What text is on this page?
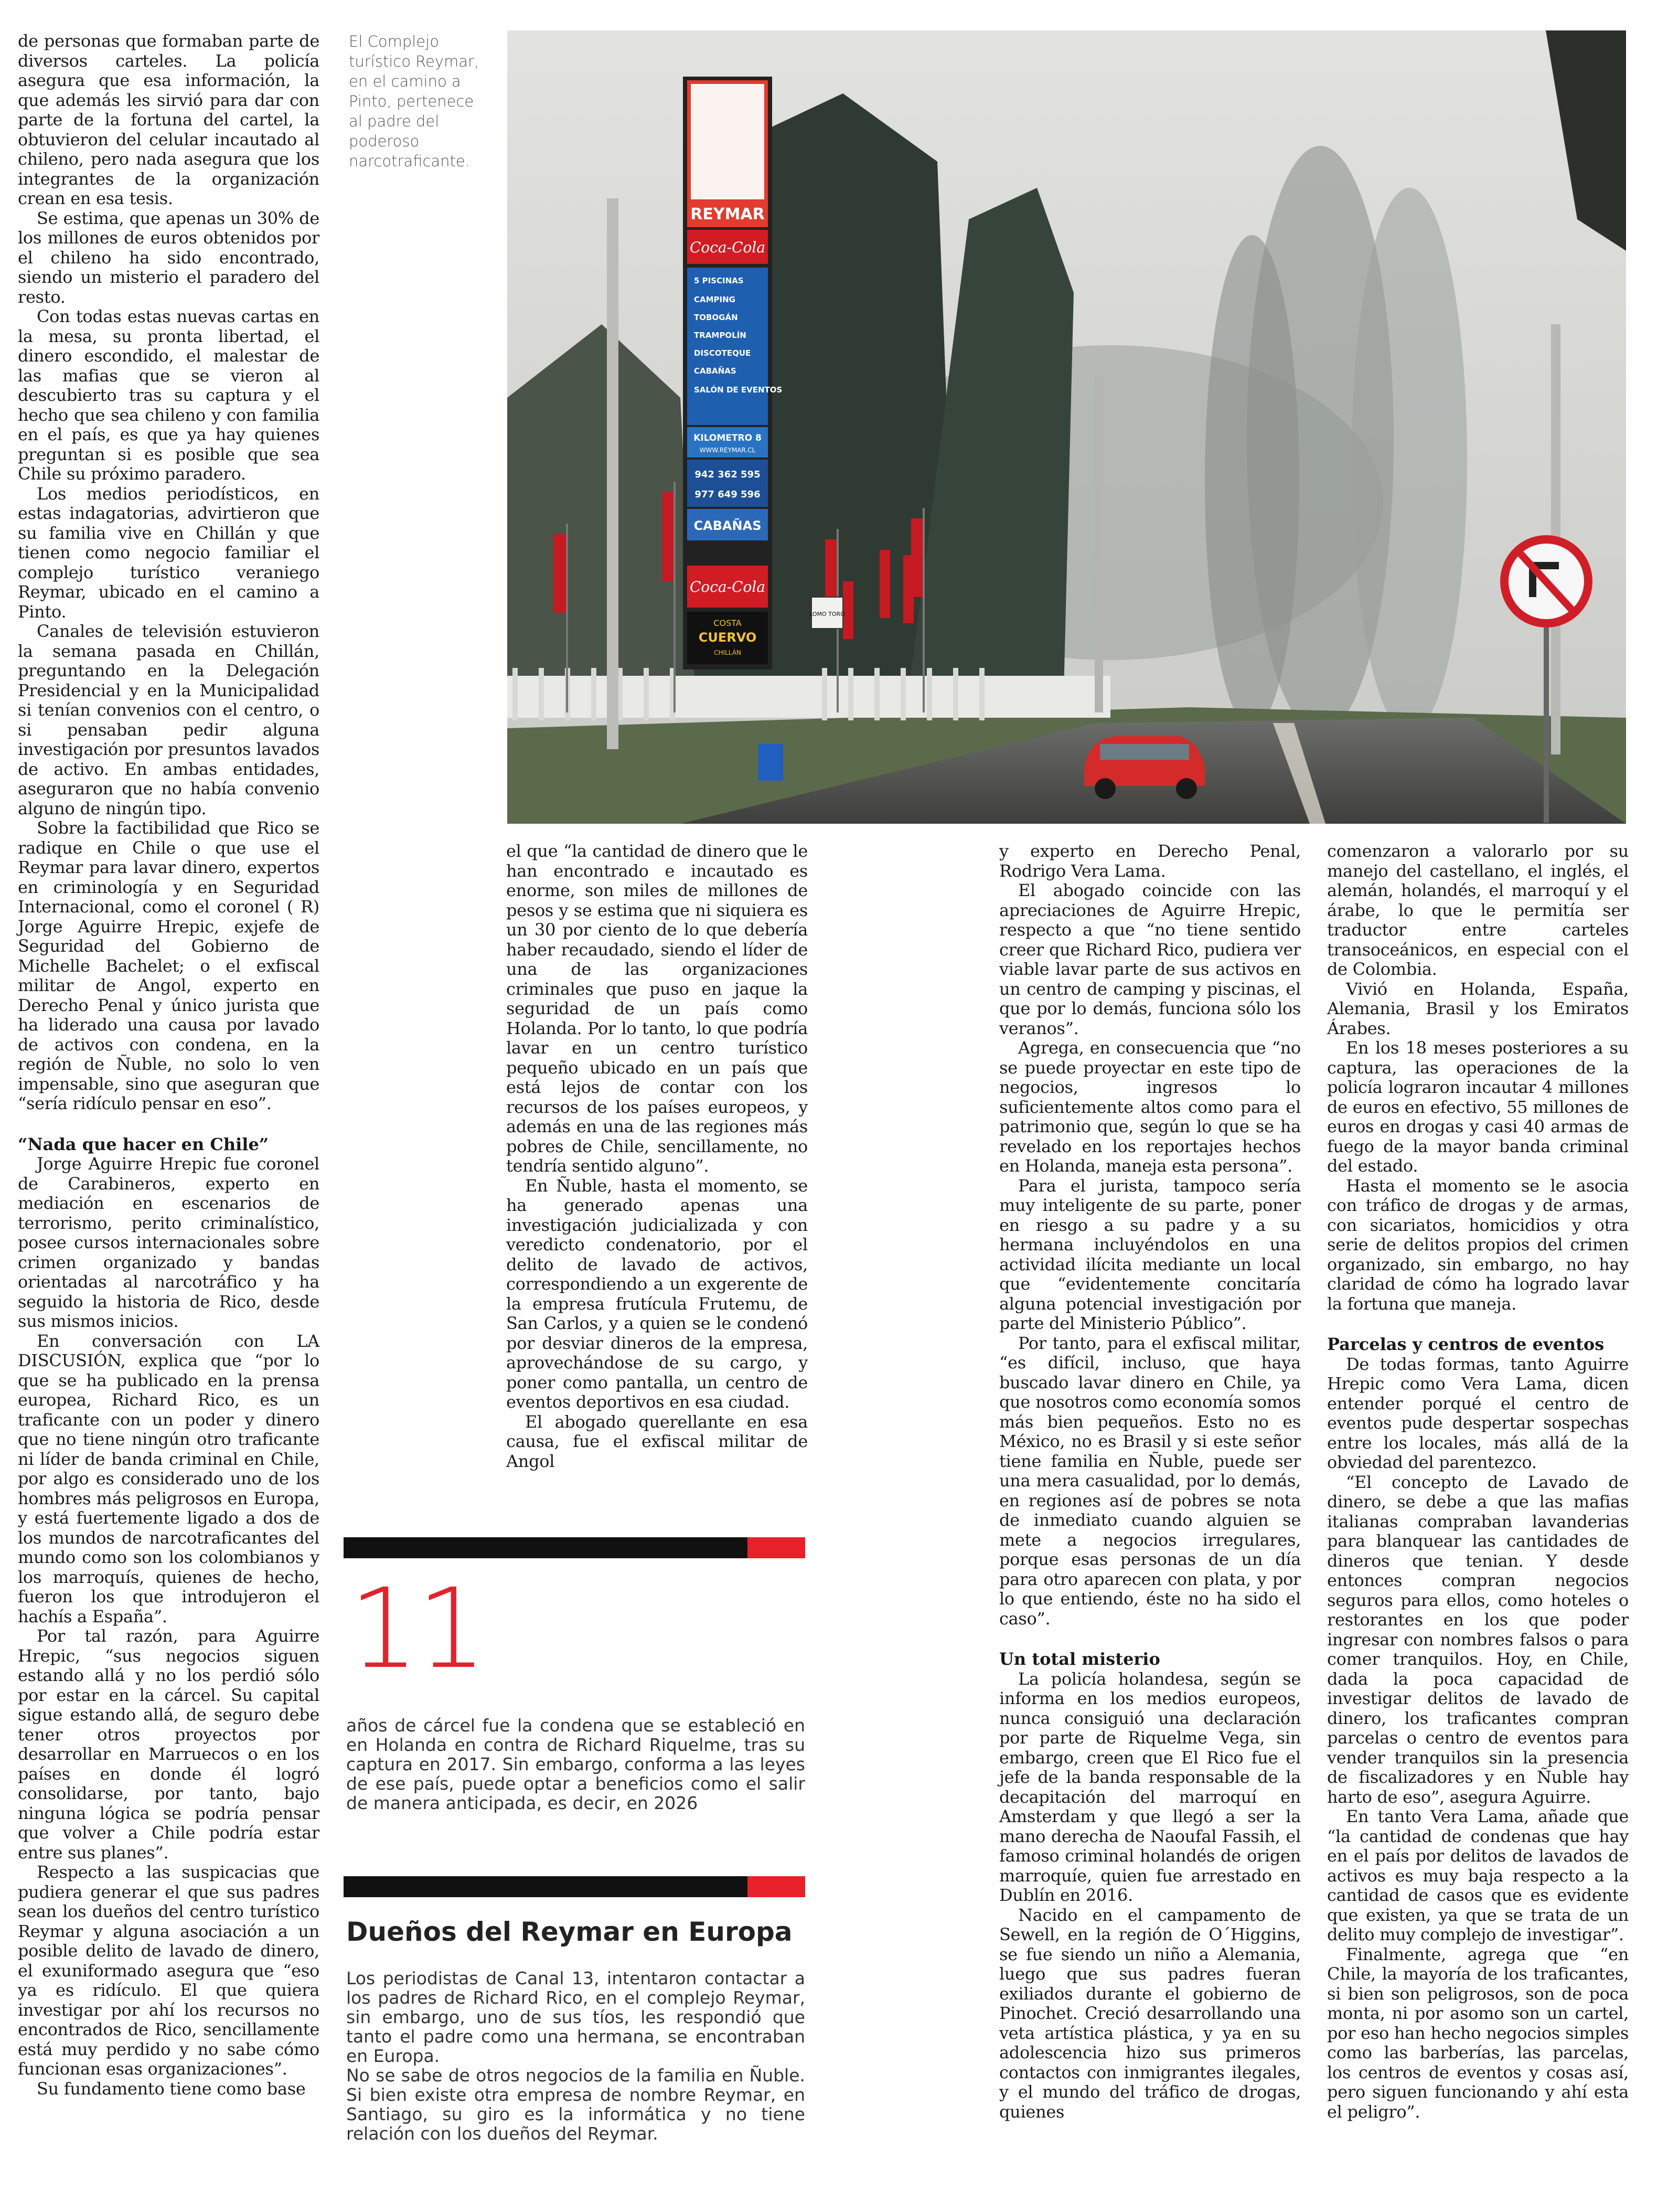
de personas que formaban parte de diversos carteles. La policía asegura que esa información, la que además les sirvió para dar con parte de la fortuna del cartel, la obtuvieron del celular incautado al chileno, pero nada asegura que los integrantes de la organización crean en esa tesis.

Se estima, que apenas un 30% de los millones de euros obtenidos por el chileno ha sido encontrado, siendo un misterio el paradero del resto.

Con todas estas nuevas cartas en la mesa, su pronta libertad, el dinero escondido, el malestar de las mafias que se vieron al descubierto tras su captura y el hecho que sea chileno y con familia en el país, es que ya hay quienes preguntan si es posible que sea Chile su próximo paradero.

Los medios periodísticos, en estas indagatorias, advirtieron que su familia vive en Chillán y que tienen como negocio familiar el complejo turístico veraniego Reymar, ubicado en el camino a Pinto.

Canales de televisión estuvieron la semana pasada en Chillán, preguntando en la Delegación Presidencial y en la Municipalidad si tenían convenios con el centro, o si pensaban pedir alguna investigación por presuntos lavados de activo. En ambas entidades, aseguraron que no había convenio alguno de ningún tipo.

Sobre la factibilidad que Rico se radique en Chile o que use el Reymar para lavar dinero, expertos en criminología y en Seguridad Internacional, como el coronel ( R) Jorge Aguirre Hrepic, exjefe de Seguridad del Gobierno de Michelle Bachelet; o el exfiscal militar de Angol, experto en Derecho Penal y único jurista que ha liderado una causa por lavado de activos con condena, en la región de Ñuble, no solo lo ven impensable, sino que aseguran que “sería ridículo pensar en eso”.

“Nada que hacer en Chile”

Jorge Aguirre Hrepic fue coronel de Carabineros, experto en mediación en escenarios de terrorismo, perito criminalístico, posee cursos internacionales sobre crimen organizado y bandas orientadas al narcotráfico y ha seguido la historia de Rico, desde sus mismos inicios.

En conversación con LA DISCUSIÓN, explica que “por lo que se ha publicado en la prensa europea, Richard Rico, es un traficante con un poder y dinero que no tiene ningún otro traficante ni líder de banda criminal en Chile, por algo es considerado uno de los hombres más peligrosos en Europa, y está fuertemente ligado a dos de los mundos de narcotraficantes del mundo como son los colombianos y los marroquís, quienes de hecho, fueron los que introdujeron el hachís a España”.

Por tal razón, para Aguirre Hrepic, “sus negocios siguen estando allá y no los perdió sólo por estar en la cárcel. Su capital sigue estando allá, de seguro debe tener otros proyectos por desarrollar en Marruecos o en los países en donde él logró consolidarse, por tanto, bajo ninguna lógica se podría pensar que volver a Chile podría estar entre sus planes”.

Respecto a las suspicacias que pudiera generar el que sus padres sean los dueños del centro turístico Reymar y alguna asociación a un posible delito de lavado de dinero, el exuniformado asegura que “eso ya es ridículo. El que quiera investigar por ahí los recursos no encontrados de Rico, sencillamente está muy perdido y no sabe cómo funcionan esas organizaciones”.

Su fundamento tiene como base

El Complejo
turístico Reymar,
en el camino a
Pinto, pertenece
al padre del
poderoso
narcotraficante.
REYMAR
Coca-Cola
5 PISCINAS
CAMPING
TOBOGÁN
TRAMPOLÍN
DISCOTEQUE
CABAÑAS
SALÓN DE EVENTOS
KILOMETRO 8
WWW.REYMAR.CL
942 362 595
977 649 596
CABAÑAS
Coca-Cola
COSTA
CUERVO
CHILLÁN
LOMO TORO

el que “la cantidad de dinero que le han encontrado e incautado es enorme, son miles de millones de pesos y se estima que ni siquiera es un 30 por ciento de lo que debería haber recaudado, siendo el líder de una de las organizaciones criminales que puso en jaque la seguridad de un país como Holanda. Por lo tanto, lo que podría lavar en un centro turístico pequeño ubicado en un país que está lejos de contar con los recursos de los países europeos, y además en una de las regiones más pobres de Chile, sencillamente, no tendría sentido alguno”.

En Ñuble, hasta el momento, se ha generado apenas una investigación judicializada y con veredicto condenatorio, por el delito de lavado de activos, correspondiendo a un exgerente de la empresa frutícula Frutemu, de San Carlos, y a quien se le condenó por desviar dineros de la empresa, aprovechándose de su cargo, y poner como pantalla, un centro de eventos deportivos en esa ciudad.

El abogado querellante en esa causa, fue el exfiscal militar de Angol

11

años de cárcel fue la condena que se estableció en en Holanda en contra de Richard Riquelme, tras su captura en 2017. Sin embargo, conforma a las leyes de ese país, puede optar a beneficios como el salir de manera anticipada, es decir, en 2026

Dueños del Reymar en Europa

Los periodistas de Canal 13, intentaron contactar a los padres de Richard Rico, en el complejo Reymar, sin embargo, uno de sus tíos, les respondió que tanto el padre como una hermana, se encontraban en Europa.

No se sabe de otros negocios de la familia en Ñuble. Si bien existe otra empresa de nombre Reymar, en Santiago, su giro es la informática y no tiene relación con los dueños del Reymar.

y experto en Derecho Penal, Rodrigo Vera Lama.

El abogado coincide con las apreciaciones de Aguirre Hrepic, respecto a que “no tiene sentido creer que Richard Rico, pudiera ver viable lavar parte de sus activos en un centro de camping y piscinas, el que por lo demás, funciona sólo los veranos”.

Agrega, en consecuencia que “no se puede proyectar en este tipo de negocios, ingresos lo suficientemente altos como para el patrimonio que, según lo que se ha revelado en los reportajes hechos en Holanda, maneja esta persona”.

Para el jurista, tampoco sería muy inteligente de su parte, poner en riesgo a su padre y a su hermana incluyéndolos en una actividad ilícita mediante un local que “evidentemente concitaría alguna potencial investigación por parte del Ministerio Público”.

Por tanto, para el exfiscal militar, “es difícil, incluso, que haya buscado lavar dinero en Chile, ya que nosotros como economía somos más bien pequeños. Esto no es México, no es Brasil y si este señor tiene familia en Ñuble, puede ser una mera casualidad, por lo demás, en regiones así de pobres se nota de inmediato cuando alguien se mete a negocios irregulares, porque esas personas de un día para otro aparecen con plata, y por lo que entiendo, éste no ha sido el caso”.

Un total misterio

La policía holandesa, según se informa en los medios europeos, nunca consiguió una declaración por parte de Riquelme Vega, sin embargo, creen que El Rico fue el jefe de la banda responsable de la decapitación del marroquí en Amsterdam y que llegó a ser la mano derecha de Naoufal Fassih, el famoso criminal holandés de origen marroquíe, quien fue arrestado en Dublín en 2016.

Nacido en el campamento de Sewell, en la región de O´Higgins, se fue siendo un niño a Alemania, luego que sus padres fueran exiliados durante el gobierno de Pinochet. Creció desarrollando una veta artística plástica, y ya en su adolescencia hizo sus primeros contactos con inmigrantes ilegales, y el mundo del tráfico de drogas, quienes

comenzaron a valorarlo por su manejo del castellano, el inglés, el alemán, holandés, el marroquí y el árabe, lo que le permitía ser traductor entre carteles transoceánicos, en especial con el de Colombia.

Vivió en Holanda, España, Alemania, Brasil y los Emiratos Árabes.

En los 18 meses posteriores a su captura, las operaciones de la policía lograron incautar 4 millones de euros en efectivo, 55 millones de euros en drogas y casi 40 armas de fuego de la mayor banda criminal del estado.

Hasta el momento se le asocia con tráfico de drogas y de armas, con sicariatos, homicidios y otra serie de delitos propios del crimen organizado, sin embargo, no hay claridad de cómo ha logrado lavar la fortuna que maneja.

Parcelas y centros de eventos

De todas formas, tanto Aguirre Hrepic como Vera Lama, dicen entender porqué el centro de eventos pude despertar sospechas entre los locales, más allá de la obviedad del parentezco.

“El concepto de Lavado de dinero, se debe a que las mafias italianas compraban lavanderias para blanquear las cantidades de dineros que tenian. Y desde entonces compran negocios seguros para ellos, como hoteles o restorantes en los que poder ingresar con nombres falsos o para comer tranquilos. Hoy, en Chile, dada la poca capacidad de investigar delitos de lavado de dinero, los traficantes compran parcelas o centro de eventos para vender tranquilos sin la presencia de fiscalizadores y en Ñuble hay harto de eso”, asegura Aguirre.

En tanto Vera Lama, añade que “la cantidad de condenas que hay en el país por delitos de lavados de activos es muy baja respecto a la cantidad de casos que es evidente que existen, ya que se trata de un delito muy complejo de investigar”.

Finalmente, agrega que “en Chile, la mayoría de los traficantes, si bien son peligrosos, son de poca monta, ni por asomo son un cartel, por eso han hecho negocios simples como las barberías, las parcelas, los centros de eventos y cosas así, pero siguen funcionando y ahí esta el peligro”.
